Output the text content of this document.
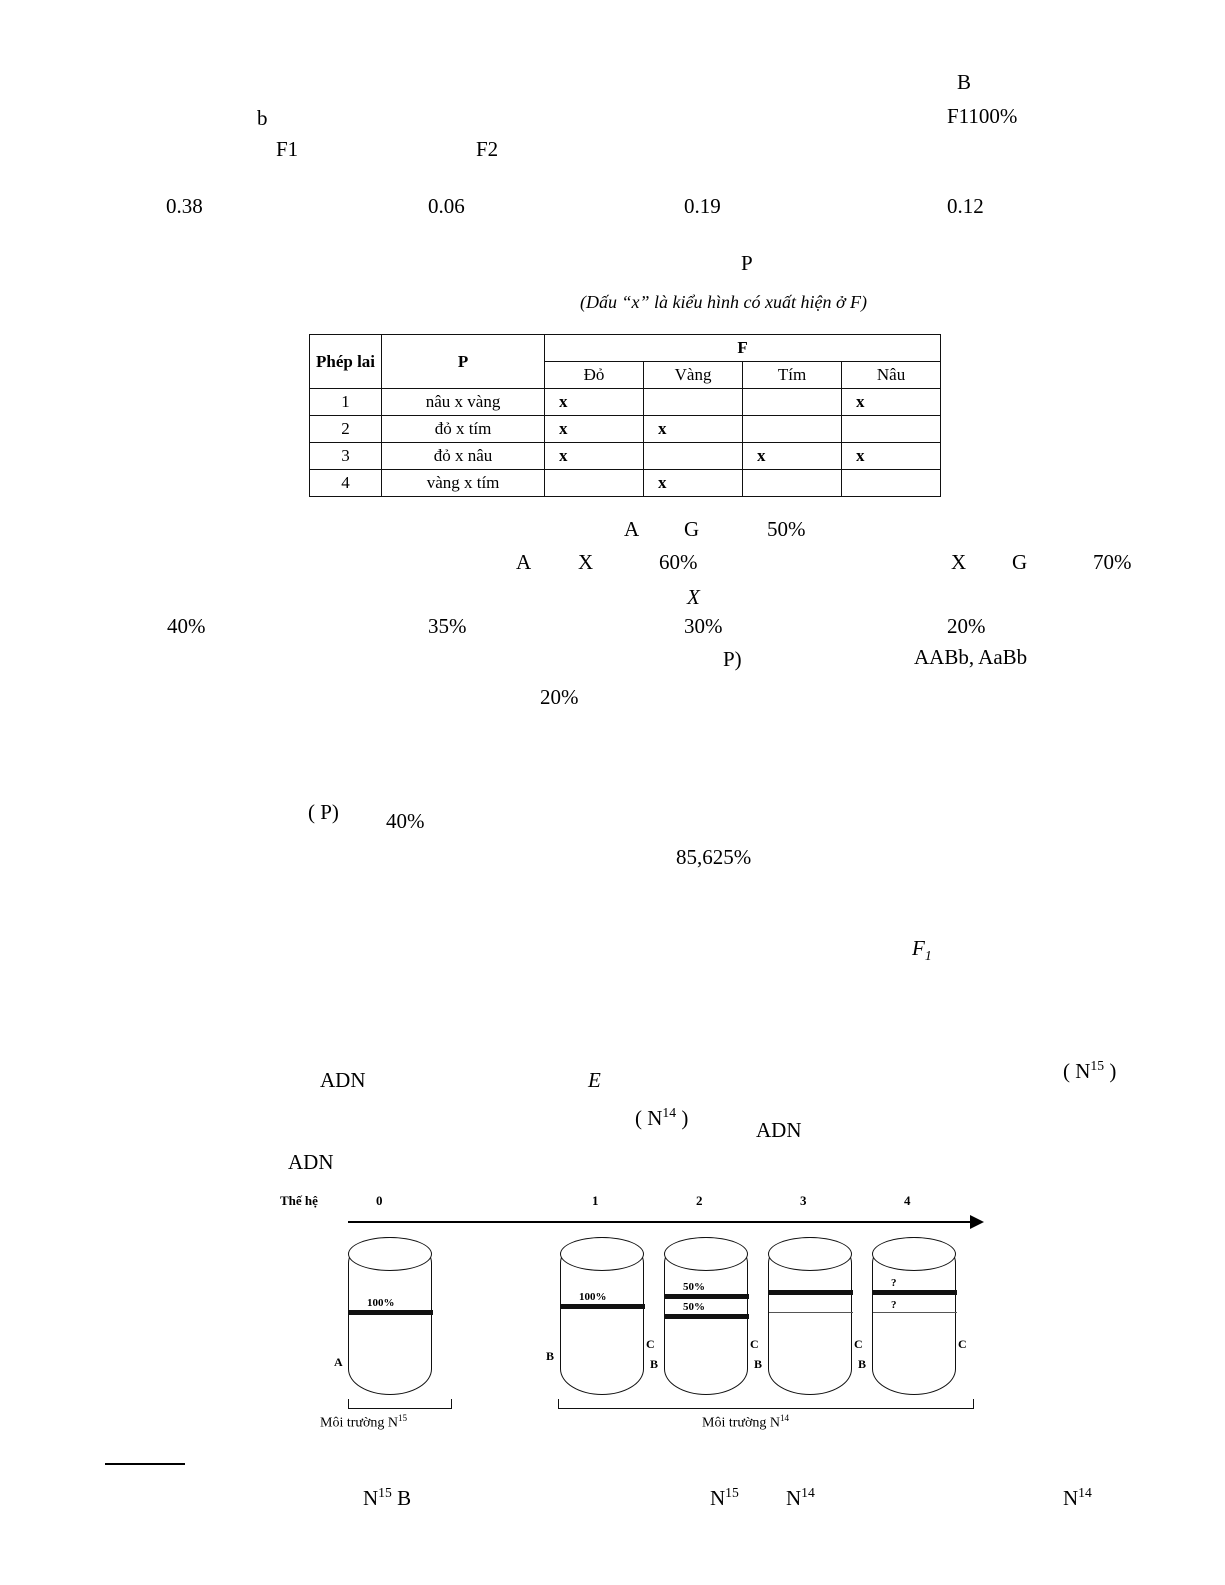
B
b	F1100%
F1	F2
0.38	0.06	0.19	0.12
P
A G	50%
A X	60%	X G	70%
X
40%	35%	30%	20%
P)	AABb, AaBb
20%
( P) 40%
85,625%
ADN	E
ADN
ADN
$F_1$
( $N^{15}$ )
( $N^{14}$ )
(Dấu “x” là kiểu hình có xuất hiện ở F)
Phép lai	P	F			
		Đỏ	Vàng	Tím	Nâu
1	nâu x vàng	x			x
2	đỏ x tím	x	x		
3	đỏ x nâu	x		x	x
4	vàng x tím		x		
Thế hệ	0	1	2	3	4
100%
A
100%
B
C
50%
50%
B
C
B
C
?
?
B
C
Môi trường $N^{15}$	Môi trường $N^{14}$
$N^{15}$ B	$N^{15}$ $N^{14}$	$N^{14}$
